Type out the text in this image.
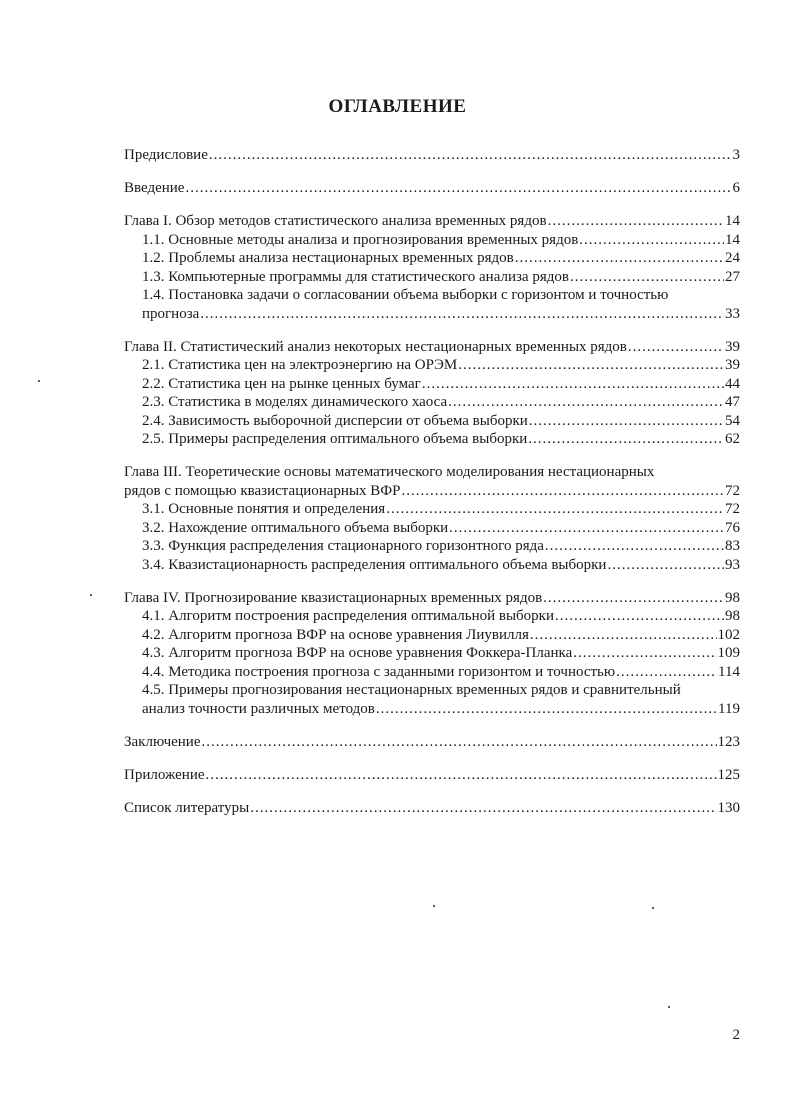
ОГЛАВЛЕНИЕ
Предисловие .....	3
Введение .....	6
Глава I. Обзор методов статистического анализа временных рядов .....	14
1.1. Основные методы анализа и прогнозирования временных рядов .....	14
1.2. Проблемы анализа нестационарных временных рядов .....	24
1.3. Компьютерные программы для статистического анализа рядов .....	27
1.4. Постановка задачи о согласовании объема выборки с горизонтом и точностью
прогноза .....	33
Глава II. Статистический анализ некоторых нестационарных временных рядов .....	39
2.1. Статистика цен на электроэнергию на ОРЭМ .....	39
2.2. Статистика цен на рынке ценных бумаг .....	44
2.3. Статистика в моделях динамического хаоса .....	47
2.4. Зависимость выборочной дисперсии от объема выборки .....	54
2.5. Примеры распределения оптимального объема выборки .....	62
Глава III. Теоретические основы математического моделирования нестационарных
рядов с помощью квазистационарных ВФР .....	72
3.1. Основные понятия и определения .....	72
3.2. Нахождение оптимального объема выборки .....	76
3.3. Функция распределения стационарного горизонтного ряда .....	83
3.4. Квазистационарность распределения оптимального объема выборки .....	93
Глава IV. Прогнозирование квазистационарных временных рядов .....	98
4.1. Алгоритм построения распределения оптимальной выборки .....	98
4.2. Алгоритм прогноза ВФР на основе уравнения Лиувилля .....	102
4.3. Алгоритм прогноза ВФР на основе уравнения Фоккера-Планка .....	109
4.4. Методика построения прогноза с заданными горизонтом и точностью .....	114
4.5. Примеры прогнозирования нестационарных временных рядов и сравнительный
анализ точности различных методов .....	119
Заключение .....	123
Приложение .....	125
Список литературы .....	130
2
